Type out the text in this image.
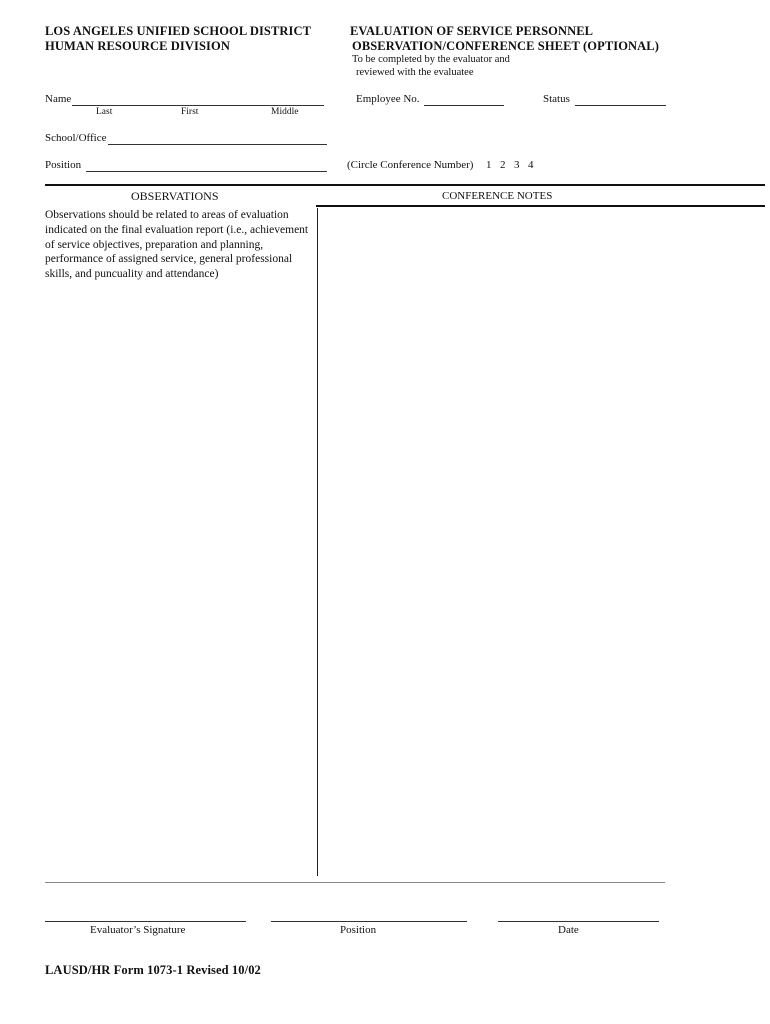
LOS ANGELES UNIFIED SCHOOL DISTRICT
HUMAN RESOURCE DIVISION
EVALUATION OF SERVICE PERSONNEL
OBSERVATION/CONFERENCE SHEET (OPTIONAL)
To be completed by the evaluator and
reviewed with the evaluatee
Name
Last	First	Middle
Employee No.	Status
School/Office
Position	(Circle Conference Number) 1 2 3 4
OBSERVATIONS	CONFERENCE NOTES
Observations should be related to areas of evaluation indicated on the final evaluation report (i.e., achievement of service objectives, preparation and planning, performance of assigned service, general professional skills, and puncuality and attendance)
Evaluator’s Signature	Position	Date
LAUSD/HR Form 1073-1 Revised 10/02
